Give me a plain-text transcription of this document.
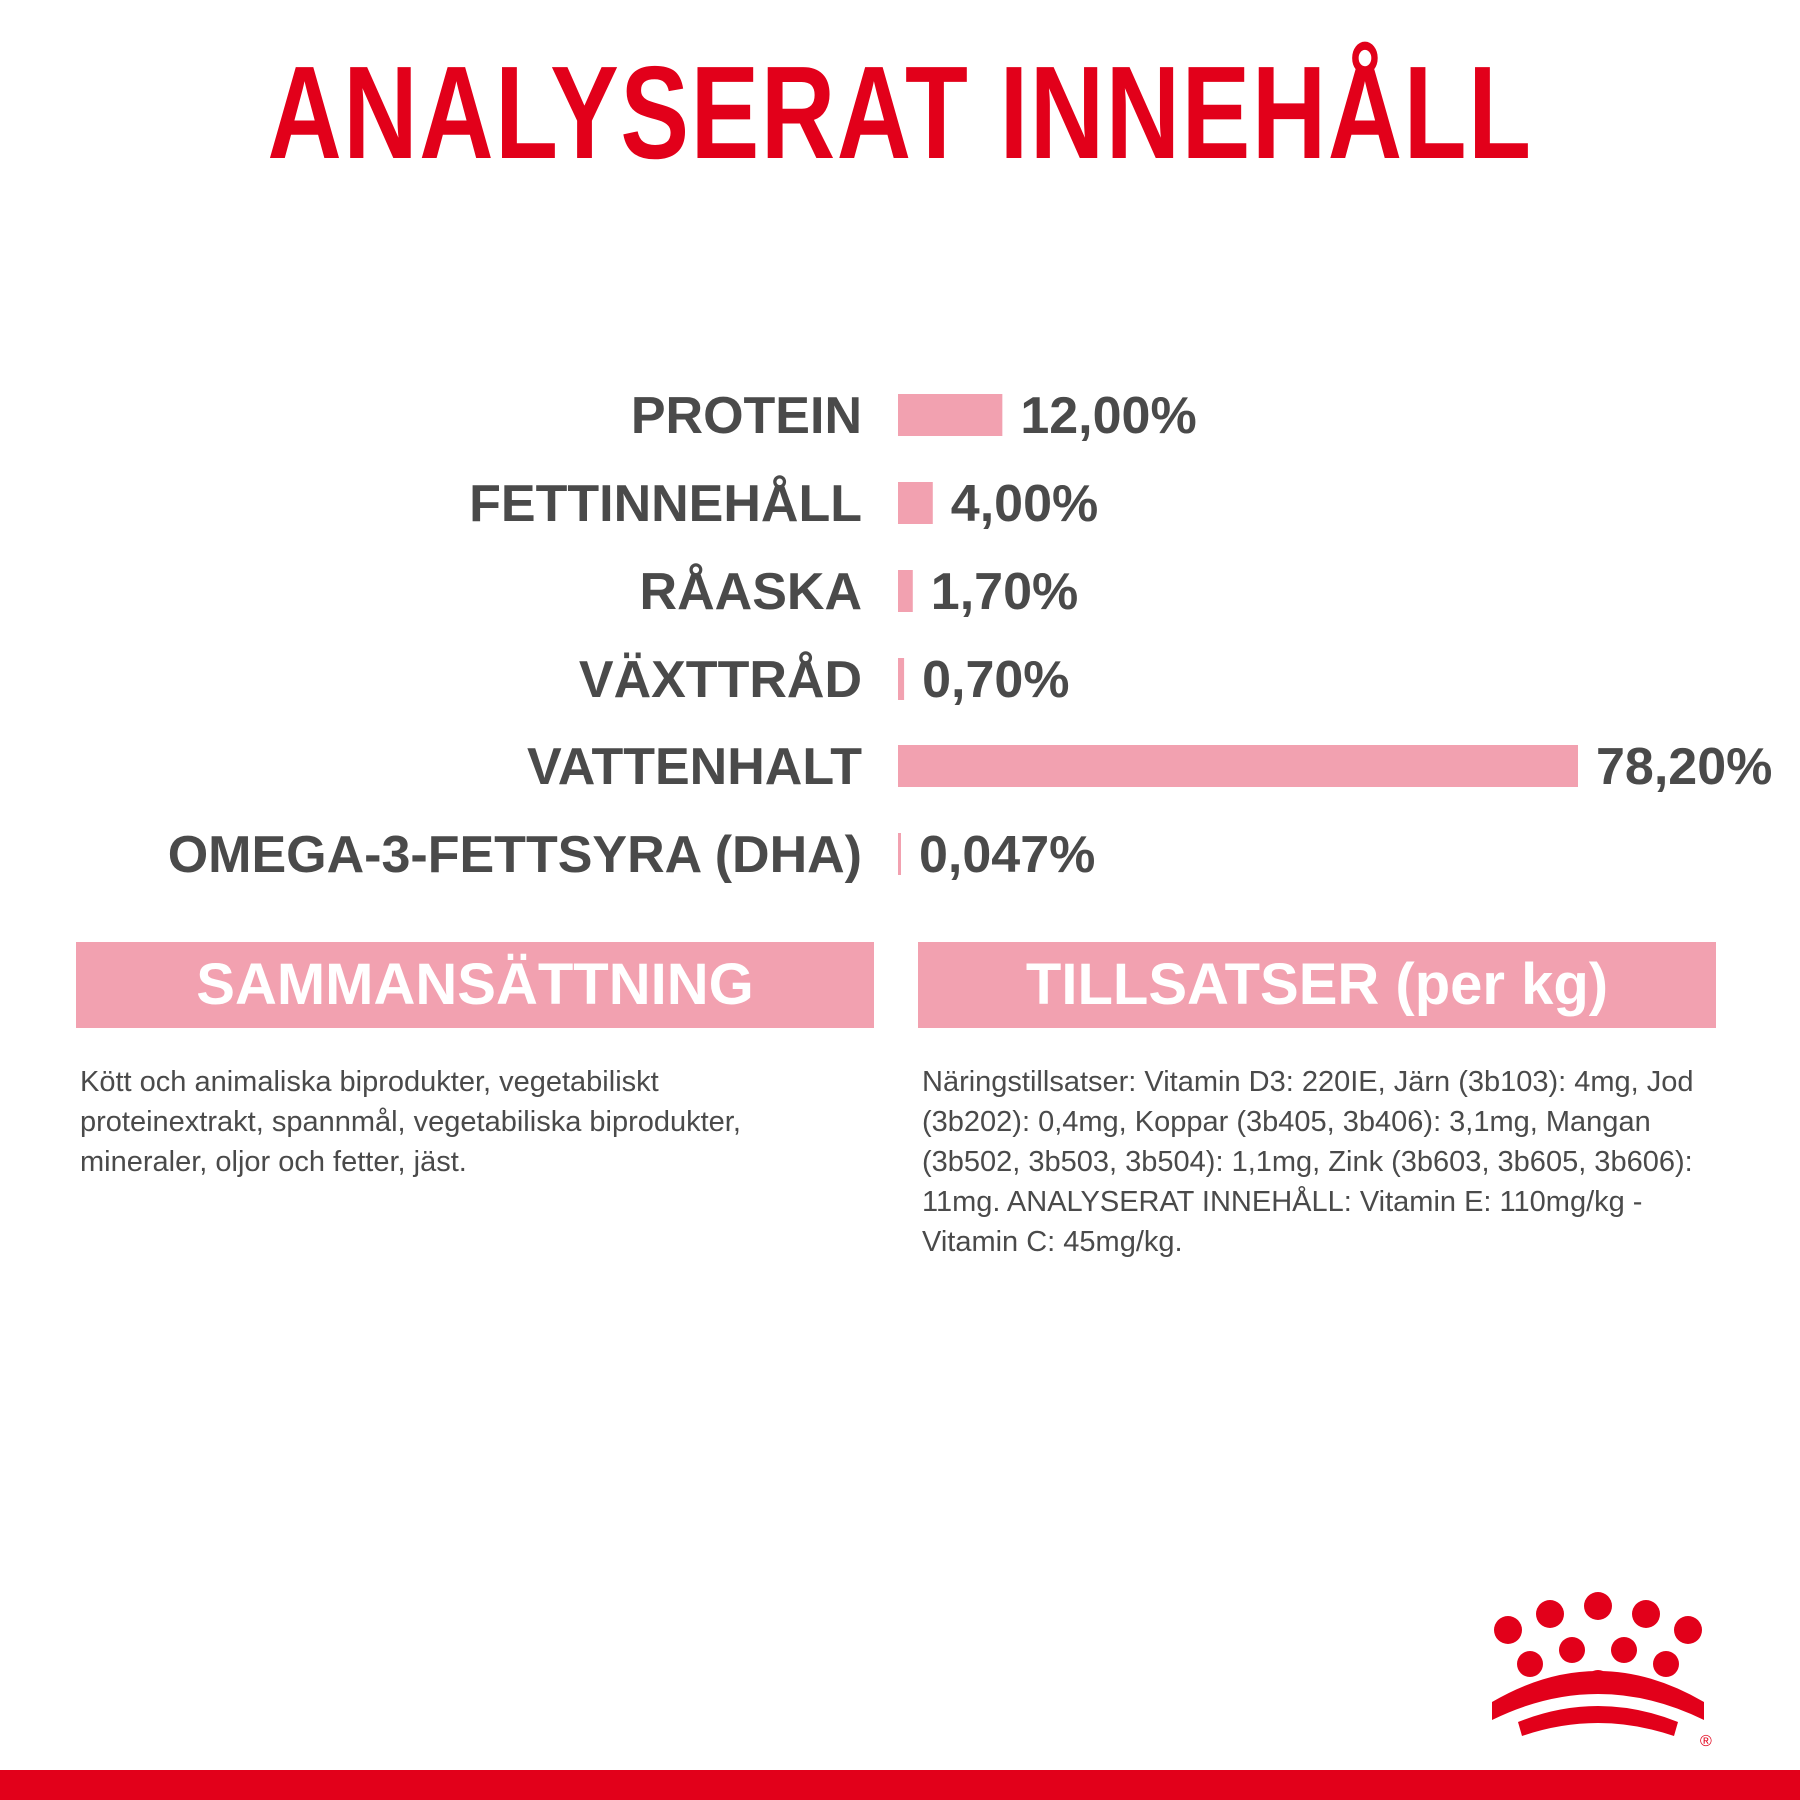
ANALYSERAT INNEHÅLL
PROTEIN	12,00%
FETTINNEHÅLL 4,00%
RÅASKA 1,70%
VÄXTTRÅD 0,70%
VATTENHALT	78,20%
OMEGA-3-FETTSYRA (DHA) 0,047%
SAMMANSÄTTNING	TILLSATSER (per kg)
Kött och animaliska biprodukter, vegetabiliskt proteinextrakt, spannmål, vegetabiliska biprodukter, mineraler, oljor och fetter, jäst.
Näringstillsatser: Vitamin D3: 220IE, Järn (3b103): 4mg, Jod (3b202): 0,4mg, Koppar (3b405, 3b406): 3,1mg, Mangan (3b502, 3b503, 3b504): 1,1mg, Zink (3b603, 3b605, 3b606): 11mg. ANALYSERAT INNEHÅLL: Vitamin E: 110mg/kg - Vitamin C: 45mg/kg.
®
